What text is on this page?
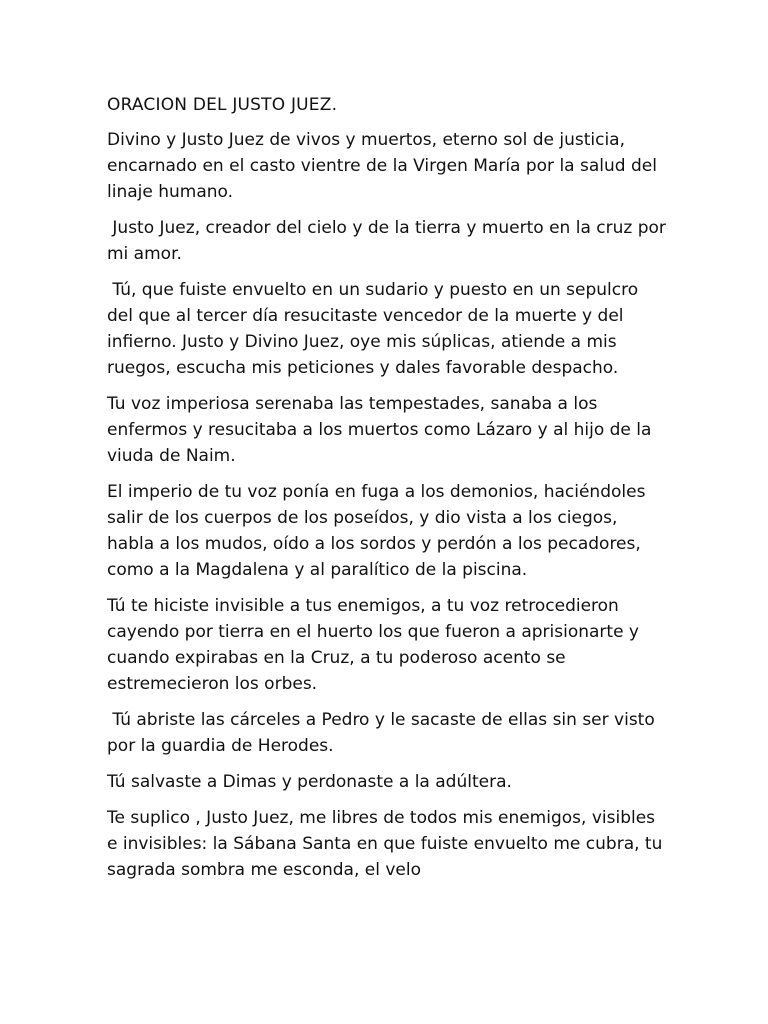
ORACION DEL JUSTO JUEZ.
Divino y Justo Juez de vivos y muertos, eterno sol de justicia, encarnado en el casto vientre de la Virgen María por la salud del linaje humano.
Justo Juez, creador del cielo y de la tierra y muerto en la cruz por mi amor.
Tú, que fuiste envuelto en un sudario y puesto en un sepulcro del que al tercer día resucitaste vencedor de la muerte y del infierno. Justo y Divino Juez, oye mis súplicas, atiende a mis ruegos, escucha mis peticiones y dales favorable despacho.
Tu voz imperiosa serenaba las tempestades, sanaba a los enfermos y resucitaba a los muertos como Lázaro y al hijo de la viuda de Naim.
El imperio de tu voz ponía en fuga a los demonios, haciéndoles salir de los cuerpos de los poseídos, y dio vista a los ciegos, habla a los mudos, oído a los sordos y perdón a los pecadores, como a la Magdalena y al paralítico de la piscina.
Tú te hiciste invisible a tus enemigos, a tu voz retrocedieron cayendo por tierra en el huerto los que fueron a aprisionarte y cuando expirabas en la Cruz, a tu poderoso acento se estremecieron los orbes.
Tú abriste las cárceles a Pedro y le sacaste de ellas sin ser visto por la guardia de Herodes.
Tú salvaste a Dimas y perdonaste a la adúltera.
Te suplico , Justo Juez, me libres de todos mis enemigos, visibles e invisibles: la Sábana Santa en que fuiste envuelto me cubra, tu sagrada sombra me esconda, el velo
